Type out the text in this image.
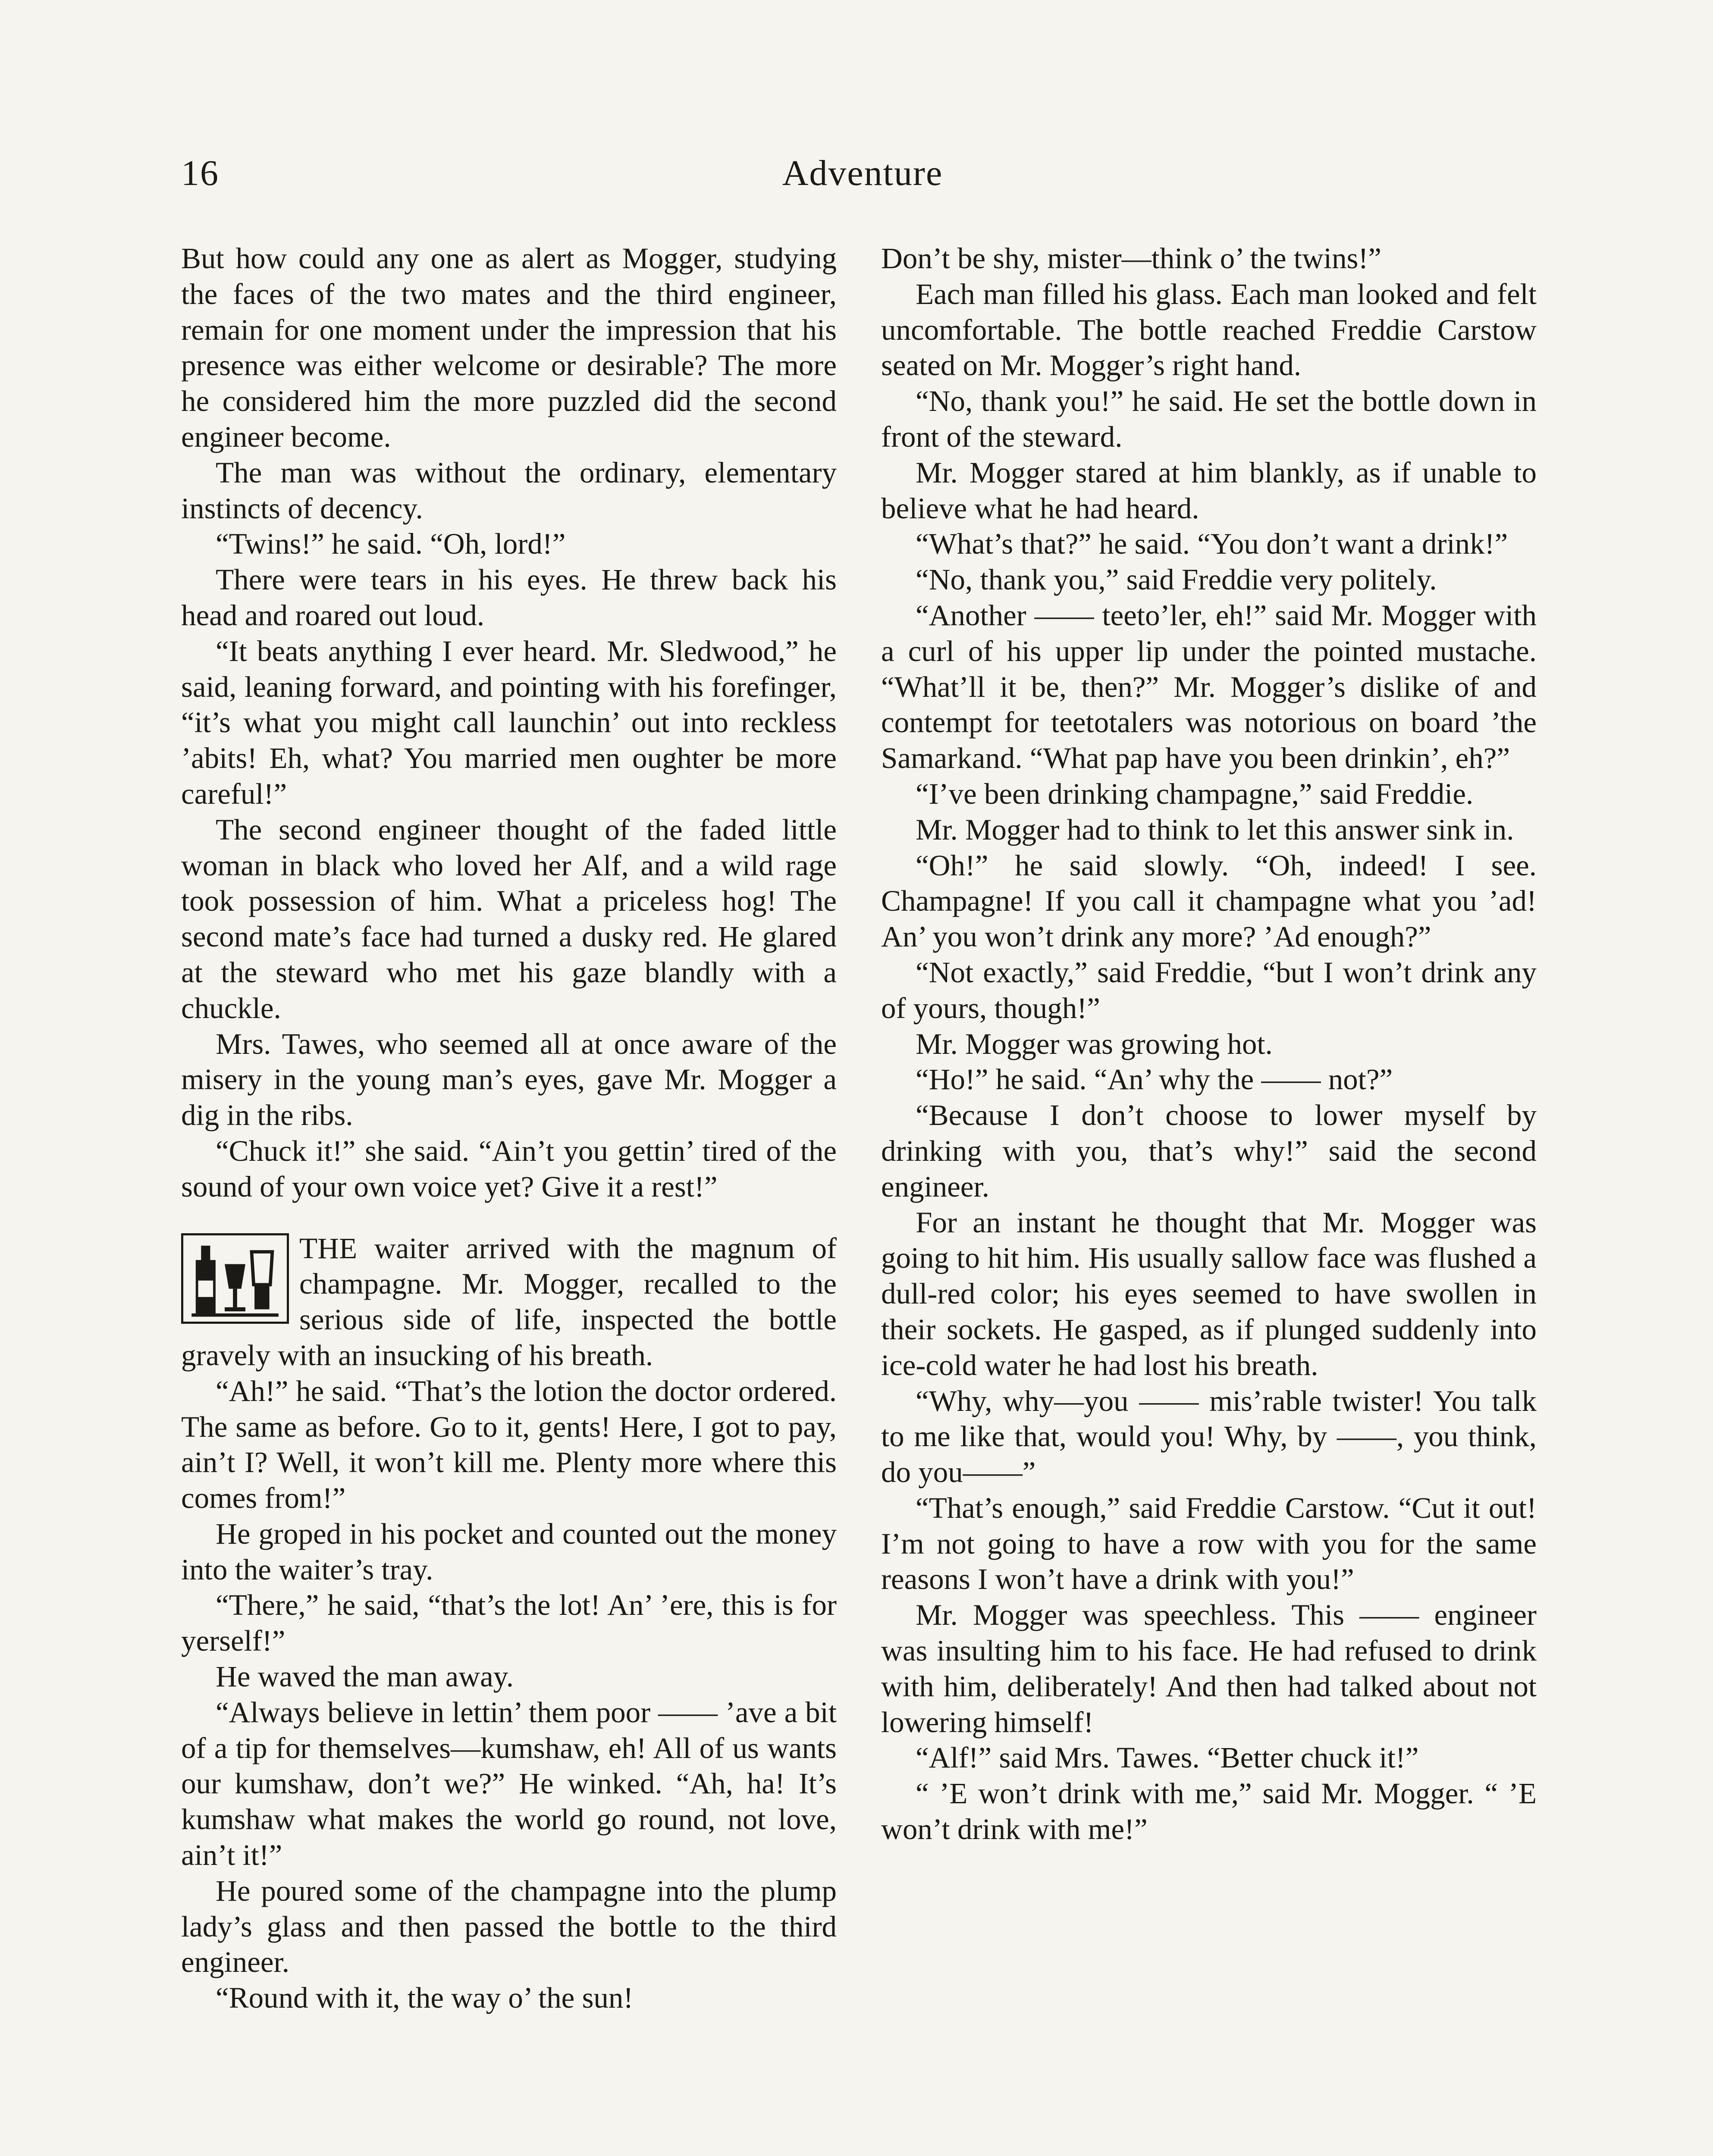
16	Adventure

But how could any one as alert as Mogger, studying the faces of the two mates and the third engineer, remain for one moment under the impression that his presence was either welcome or desirable? The more he considered him the more puzzled did the second engineer become.

The man was without the ordinary, elementary instincts of decency.

“Twins!” he said. “Oh, lord!”

There were tears in his eyes. He threw back his head and roared out loud.

“It beats anything I ever heard. Mr. Sledwood,” he said, leaning forward, and pointing with his forefinger, “it’s what you might call launchin’ out into reckless ’abits! Eh, what? You married men oughter be more careful!”

The second engineer thought of the faded little woman in black who loved her Alf, and a wild rage took possession of him. What a priceless hog! The second mate’s face had turned a dusky red. He glared at the steward who met his gaze blandly with a chuckle.

Mrs. Tawes, who seemed all at once aware of the misery in the young man’s eyes, gave Mr. Mogger a dig in the ribs.

“Chuck it!” she said. “Ain’t you gettin’ tired of the sound of your own voice yet? Give it a rest!”

THE waiter arrived with the magnum of champagne. Mr. Mogger, recalled to the serious side of life, inspected the bottle gravely with an insucking of his breath.

“Ah!” he said. “That’s the lotion the doctor ordered. The same as before. Go to it, gents! Here, I got to pay, ain’t I? Well, it won’t kill me. Plenty more where this comes from!”

He groped in his pocket and counted out the money into the waiter’s tray.

“There,” he said, “that’s the lot! An’ ’ere, this is for yerself!”

He waved the man away.

“Always believe in lettin’ them poor —— ’ave a bit of a tip for themselves—kumshaw, eh! All of us wants our kumshaw, don’t we?” He winked. “Ah, ha! It’s kumshaw what makes the world go round, not love, ain’t it!”

He poured some of the champagne into the plump lady’s glass and then passed the bottle to the third engineer.

“Round with it, the way o’ the sun!

Don’t be shy, mister—think o’ the twins!”

Each man filled his glass. Each man looked and felt uncomfortable. The bottle reached Freddie Carstow seated on Mr. Mogger’s right hand.

“No, thank you!” he said. He set the bottle down in front of the steward.

Mr. Mogger stared at him blankly, as if unable to believe what he had heard.

“What’s that?” he said. “You don’t want a drink!”

“No, thank you,” said Freddie very politely.

“Another —— teeto’ler, eh!” said Mr. Mogger with a curl of his upper lip under the pointed mustache. “What’ll it be, then?” Mr. Mogger’s dislike of and contempt for teetotalers was notorious on board ’the Samarkand. “What pap have you been drinkin’, eh?”

“I’ve been drinking champagne,” said Freddie.

Mr. Mogger had to think to let this answer sink in.

“Oh!” he said slowly. “Oh, indeed! I see. Champagne! If you call it champagne what you ’ad! An’ you won’t drink any more? ’Ad enough?”

“Not exactly,” said Freddie, “but I won’t drink any of yours, though!”

Mr. Mogger was growing hot.

“Ho!” he said. “An’ why the —— not?”

“Because I don’t choose to lower myself by drinking with you, that’s why!” said the second engineer.

For an instant he thought that Mr. Mogger was going to hit him. His usually sallow face was flushed a dull-red color; his eyes seemed to have swollen in their sockets. He gasped, as if plunged suddenly into ice-cold water he had lost his breath.

“Why, why—you —— mis’rable twister! You talk to me like that, would you! Why, by ——, you think, do you——”

“That’s enough,” said Freddie Carstow. “Cut it out! I’m not going to have a row with you for the same reasons I won’t have a drink with you!”

Mr. Mogger was speechless. This —— engineer was insulting him to his face. He had refused to drink with him, deliberately! And then had talked about not lowering himself!

“Alf!” said Mrs. Tawes. “Better chuck it!”

“ ’E won’t drink with me,” said Mr. Mogger. “ ’E won’t drink with me!”
